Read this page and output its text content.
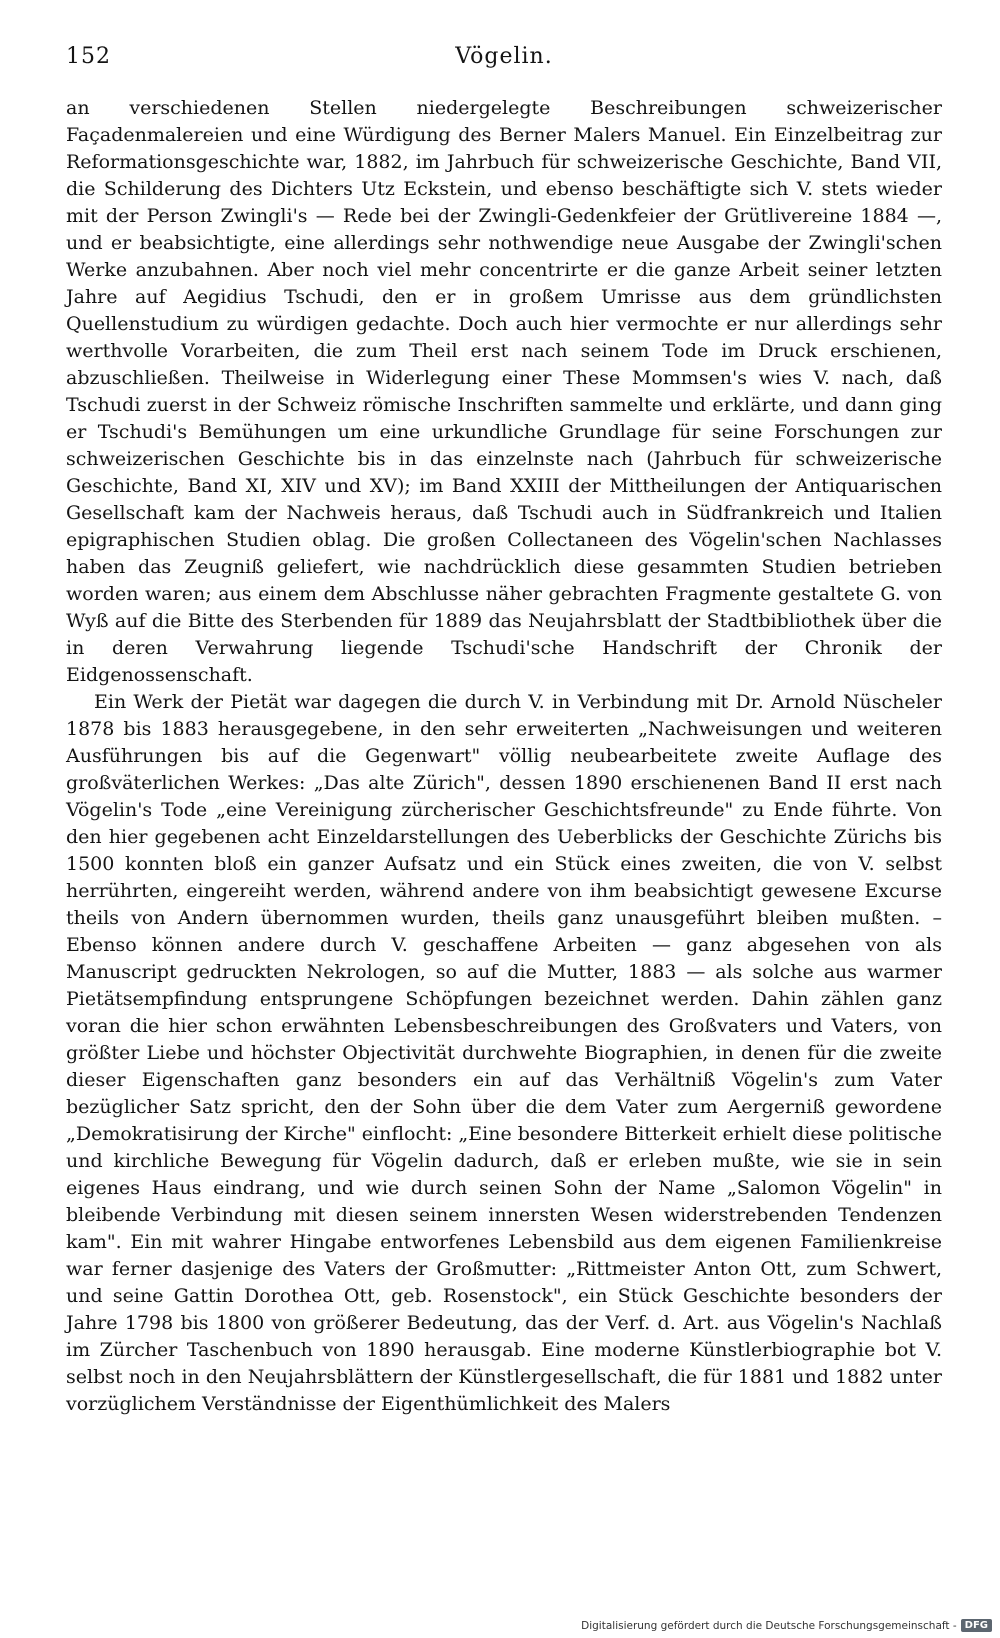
152	Vögelin.

an verschiedenen Stellen niedergelegte Beschreibungen schweizerischer Façadenmalereien und eine Würdigung des Berner Malers Manuel. Ein Einzelbeitrag zur Reformationsgeschichte war, 1882, im Jahrbuch für schweizerische Geschichte, Band VII, die Schilderung des Dichters Utz Eckstein, und ebenso beschäftigte sich V. stets wieder mit der Person Zwingli's — Rede bei der Zwingli-Gedenkfeier der Grütlivereine 1884 —, und er beabsichtigte, eine allerdings sehr nothwendige neue Ausgabe der Zwingli'schen Werke anzubahnen. Aber noch viel mehr concentrirte er die ganze Arbeit seiner letzten Jahre auf Aegidius Tschudi, den er in großem Umrisse aus dem gründlichsten Quellenstudium zu würdigen gedachte. Doch auch hier vermochte er nur allerdings sehr werthvolle Vorarbeiten, die zum Theil erst nach seinem Tode im Druck erschienen, abzuschließen. Theilweise in Widerlegung einer These Mommsen's wies V. nach, daß Tschudi zuerst in der Schweiz römische Inschriften sammelte und erklärte, und dann ging er Tschudi's Bemühungen um eine urkundliche Grundlage für seine Forschungen zur schweizerischen Geschichte bis in das einzelnste nach (Jahrbuch für schweizerische Geschichte, Band XI, XIV und XV); im Band XXIII der Mittheilungen der Antiquarischen Gesellschaft kam der Nachweis heraus, daß Tschudi auch in Südfrankreich und Italien epigraphischen Studien oblag. Die großen Collectaneen des Vögelin'schen Nachlasses haben das Zeugniß geliefert, wie nachdrücklich diese gesammten Studien betrieben worden waren; aus einem dem Abschlusse näher gebrachten Fragmente gestaltete G. von Wyß auf die Bitte des Sterbenden für 1889 das Neujahrsblatt der Stadtbibliothek über die in deren Verwahrung liegende Tschudi'sche Handschrift der Chronik der Eidgenossenschaft.

Ein Werk der Pietät war dagegen die durch V. in Verbindung mit Dr. Arnold Nüscheler 1878 bis 1883 herausgegebene, in den sehr erweiterten „Nachweisungen und weiteren Ausführungen bis auf die Gegenwart" völlig neubearbeitete zweite Auflage des großväterlichen Werkes: „Das alte Zürich", dessen 1890 erschienenen Band II erst nach Vögelin's Tode „eine Vereinigung zürcherischer Geschichtsfreunde" zu Ende führte. Von den hier gegebenen acht Einzeldarstellungen des Ueberblicks der Geschichte Zürichs bis 1500 konnten bloß ein ganzer Aufsatz und ein Stück eines zweiten, die von V. selbst herrührten, eingereiht werden, während andere von ihm beabsichtigt gewesene Excurse theils von Andern übernommen wurden, theils ganz unausgeführt bleiben mußten. – Ebenso können andere durch V. geschaffene Arbeiten — ganz abgesehen von als Manuscript gedruckten Nekrologen, so auf die Mutter, 1883 — als solche aus warmer Pietätsempfindung entsprungene Schöpfungen bezeichnet werden. Dahin zählen ganz voran die hier schon erwähnten Lebensbeschreibungen des Großvaters und Vaters, von größter Liebe und höchster Objectivität durchwehte Biographien, in denen für die zweite dieser Eigenschaften ganz besonders ein auf das Verhältniß Vögelin's zum Vater bezüglicher Satz spricht, den der Sohn über die dem Vater zum Aergerniß gewordene „Demokratisirung der Kirche" einflocht: „Eine besondere Bitterkeit erhielt diese politische und kirchliche Bewegung für Vögelin dadurch, daß er erleben mußte, wie sie in sein eigenes Haus eindrang, und wie durch seinen Sohn der Name „Salomon Vögelin" in bleibende Verbindung mit diesen seinem innersten Wesen widerstrebenden Tendenzen kam". Ein mit wahrer Hingabe entworfenes Lebensbild aus dem eigenen Familienkreise war ferner dasjenige des Vaters der Großmutter: „Rittmeister Anton Ott, zum Schwert, und seine Gattin Dorothea Ott, geb. Rosenstock", ein Stück Geschichte besonders der Jahre 1798 bis 1800 von größerer Bedeutung, das der Verf. d. Art. aus Vögelin's Nachlaß im Zürcher Taschenbuch von 1890 herausgab. Eine moderne Künstlerbiographie bot V. selbst noch in den Neujahrsblättern der Künstlergesellschaft, die für 1881 und 1882 unter vorzüglichem Verständnisse der Eigenthümlichkeit des Malers

Digitalisierung gefördert durch die Deutsche Forschungsgemeinschaft - DFG
